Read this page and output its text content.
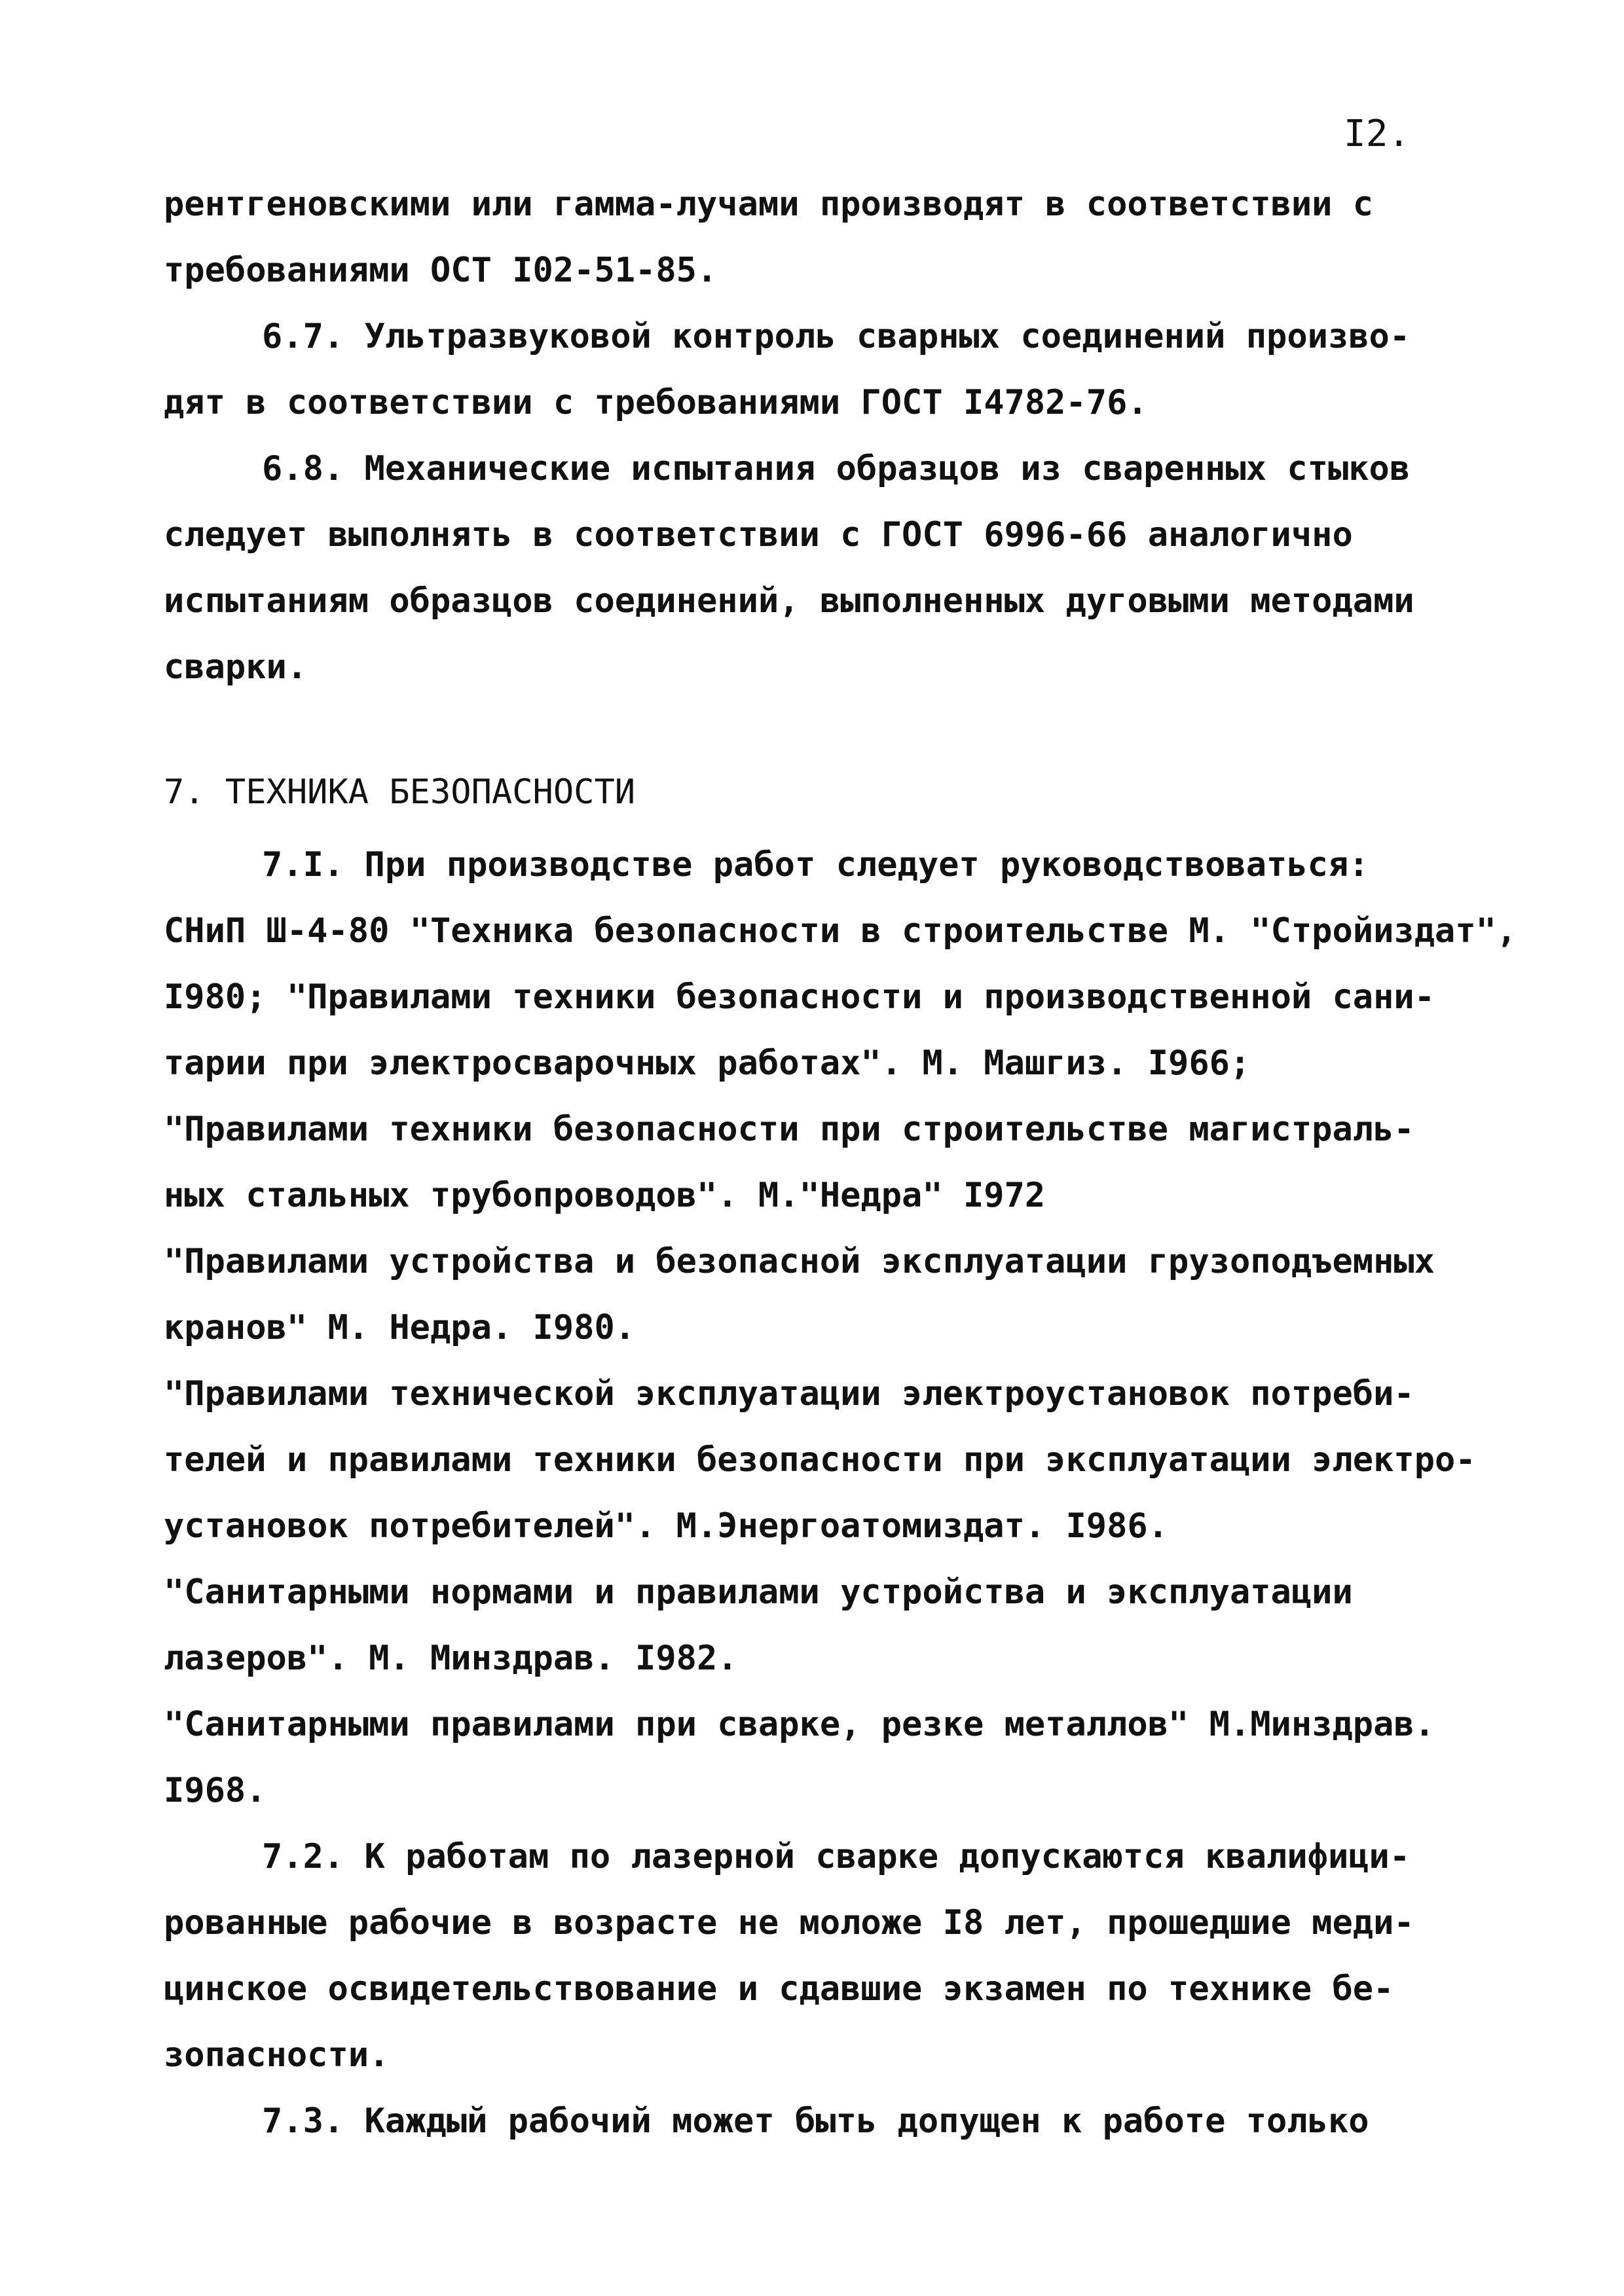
I2.
рентгеновскими или гамма-лучами производят в соответствии с
требованиями ОСТ I02-51-85.
6.7. Ультразвуковой контроль сварных соединений произво-
дят в соответствии с требованиями ГОСТ I4782-76.
6.8. Механические испытания образцов из сваренных стыков
следует выполнять в соответствии с ГОСТ 6996-66 аналогично
испытаниям образцов соединений, выполненных дуговыми методами
сварки.
7. ТЕХНИКА БЕЗОПАСНОСТИ
7.I. При производстве работ следует руководствоваться:
СНиП Ш-4-80 "Техника безопасности в строительстве М. "Стройиздат",
I980; "Правилами техники безопасности и производственной сани-
тарии при электросварочных работах". М. Машгиз. I966;
"Правилами техники безопасности при строительстве магистраль-
ных стальных трубопроводов". М."Недра" I972
"Правилами устройства и безопасной эксплуатации грузоподъемных
кранов" М. Недра. I980.
"Правилами технической эксплуатации электроустановок потреби-
телей и правилами техники безопасности при эксплуатации электро-
установок потребителей". М.Энергоатомиздат. I986.
"Санитарными нормами и правилами устройства и эксплуатации
лазеров". М. Минздрав. I982.
"Санитарными правилами при сварке, резке металлов" М.Минздрав.
I968.
7.2. К работам по лазерной сварке допускаются квалифици-
рованные рабочие в возрасте не моложе I8 лет, прошедшие меди-
цинское освидетельствование и сдавшие экзамен по технике бе-
зопасности.
7.3. Каждый рабочий может быть допущен к работе только
